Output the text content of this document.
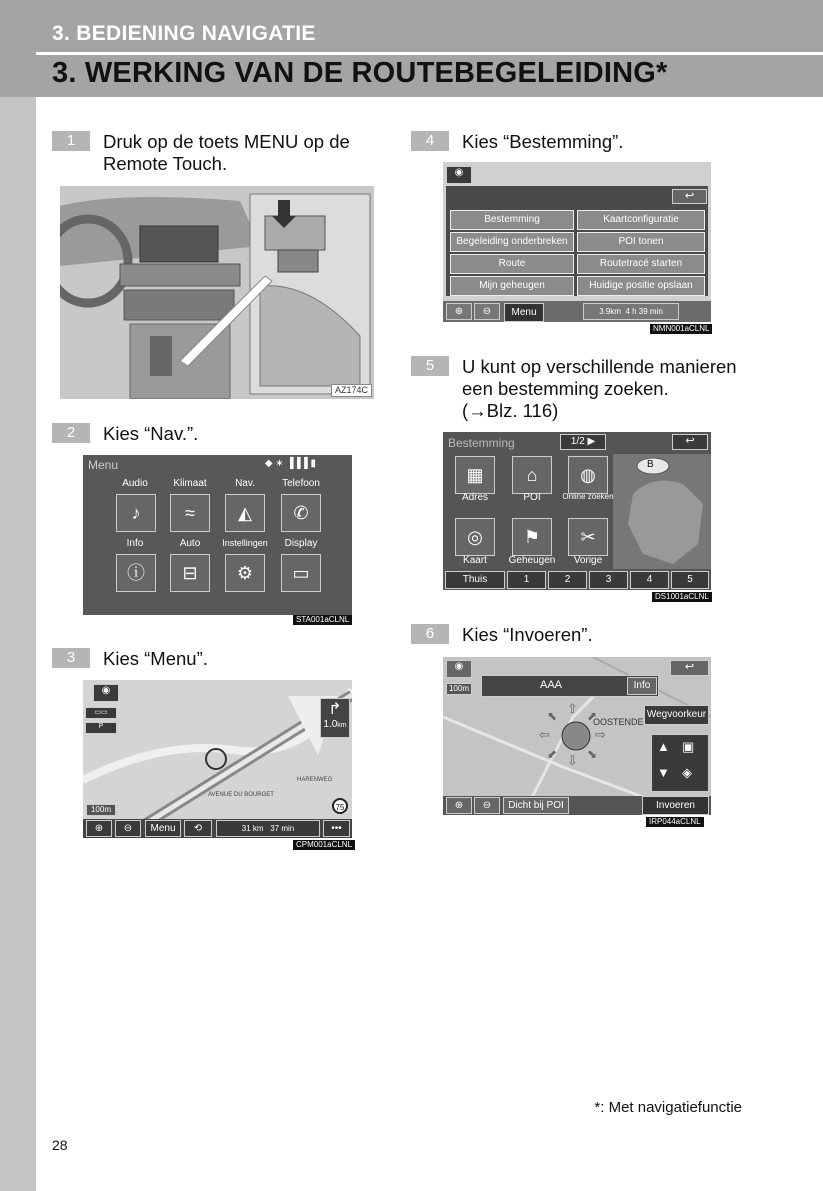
3. BEDIENING NAVIGATIE
3. WERKING VAN DE ROUTEBEGELEIDING*
1	Druk op de toets MENU op de
Remote Touch.
AZ174C
2	Kies “Nav.”.
Menu	◆ ∗ ▐▐▐ ▮
Audio	Klimaat	Nav.	Telefoon
♪	≈	◭	✆
Info	Auto	Instellingen	Display
ⓘ	⊟	⚙	▭
STA001aCLNL
3	Kies “Menu”.
◉
↱
1.0km
▭▭
P
AVENUE DU BOURGET
HARENWEG
75
100m
⊕	⊖	Menu	⟲	31 km 37 min	•••
CPM001aCLNL
4	Kies “Bestemming”.
◉
↩
Bestemming	Kaartconfiguratie
Begeleiding onderbreken	POI tonen
Route	Routetracé starten
Mijn geheugen	Huidige positie opslaan
⊕	⊖	Menu	3.9km 4 h 39 min
NMN001aCLNL
5	U kunt op verschillende manieren
een bestemming zoeken.
(→Blz. 116)
Bestemming	1/2 ▶	↩
B
▦	⌂	◍
Adres	POI	Online zoeken
◎	⚑	✂
Kaart	Geheugen	Vorige
Thuis	1	2	3	4	5
DS1001aCLNL
6	Kies “Invoeren”.
◉	↩
100m	AAA	Info
OOSTENDE
⇧
⇩
⇦	⇨
⬉ ⬈
⬋ ⬊
Wegvoorkeur
▲ ▣
▼ ◈
⊕	⊖	Dicht bij POI	Invoeren
IRP044aCLNL
*: Met navigatiefunctie
28
